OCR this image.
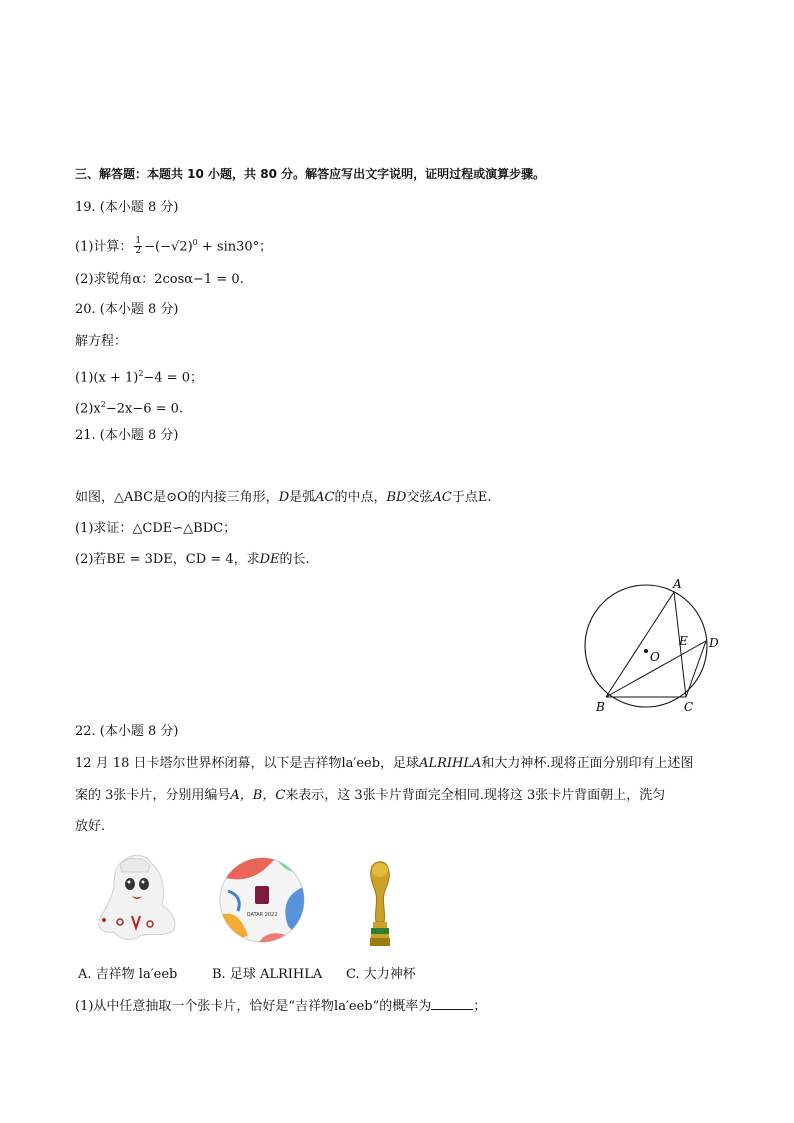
三、解答题：本题共 10 小题，共 80 分。解答应写出文字说明，证明过程或演算步骤。
19. (本小题 8 分)
(1)计算： $\frac{1}{2} -(-√2)^0 + \sin 30^\circ$；
(2)求锐角α：2cosα−1 = 0.
20. (本小题 8 分)
解方程：
$(1)(x + 1)^2-4 = 0$；
$(2)x^2-2x-6 = 0$.
21. (本小题 8 分)
如图，△ABC是⊙O的内接三角形，D是弧AC的中点，BD交弦AC于点E.
(1)求证：△CDE∽△BDC；
(2)若BE = 3DE，CD = 4，求DE的长.
A
B	C
D
E
O
22. (本小题 8 分)
12 月 18 日卡塔尔世界杯闭幕，以下是吉祥物la′eeb，足球ALRIHLA和大力神杯.现将正面分别印有上述图
案的 3张卡片，分别用编号A，B，C来表示，这 3张卡片背面完全相同.现将这 3张卡片背面朝上，洗匀
放好.
QATAR 2022
A. 吉祥物 la′eeb	B. 足球 ALRIHLA C. 大力神杯
(1)从中任意抽取一个张卡片，恰好是“吉祥物la′eeb”的概率为	；
